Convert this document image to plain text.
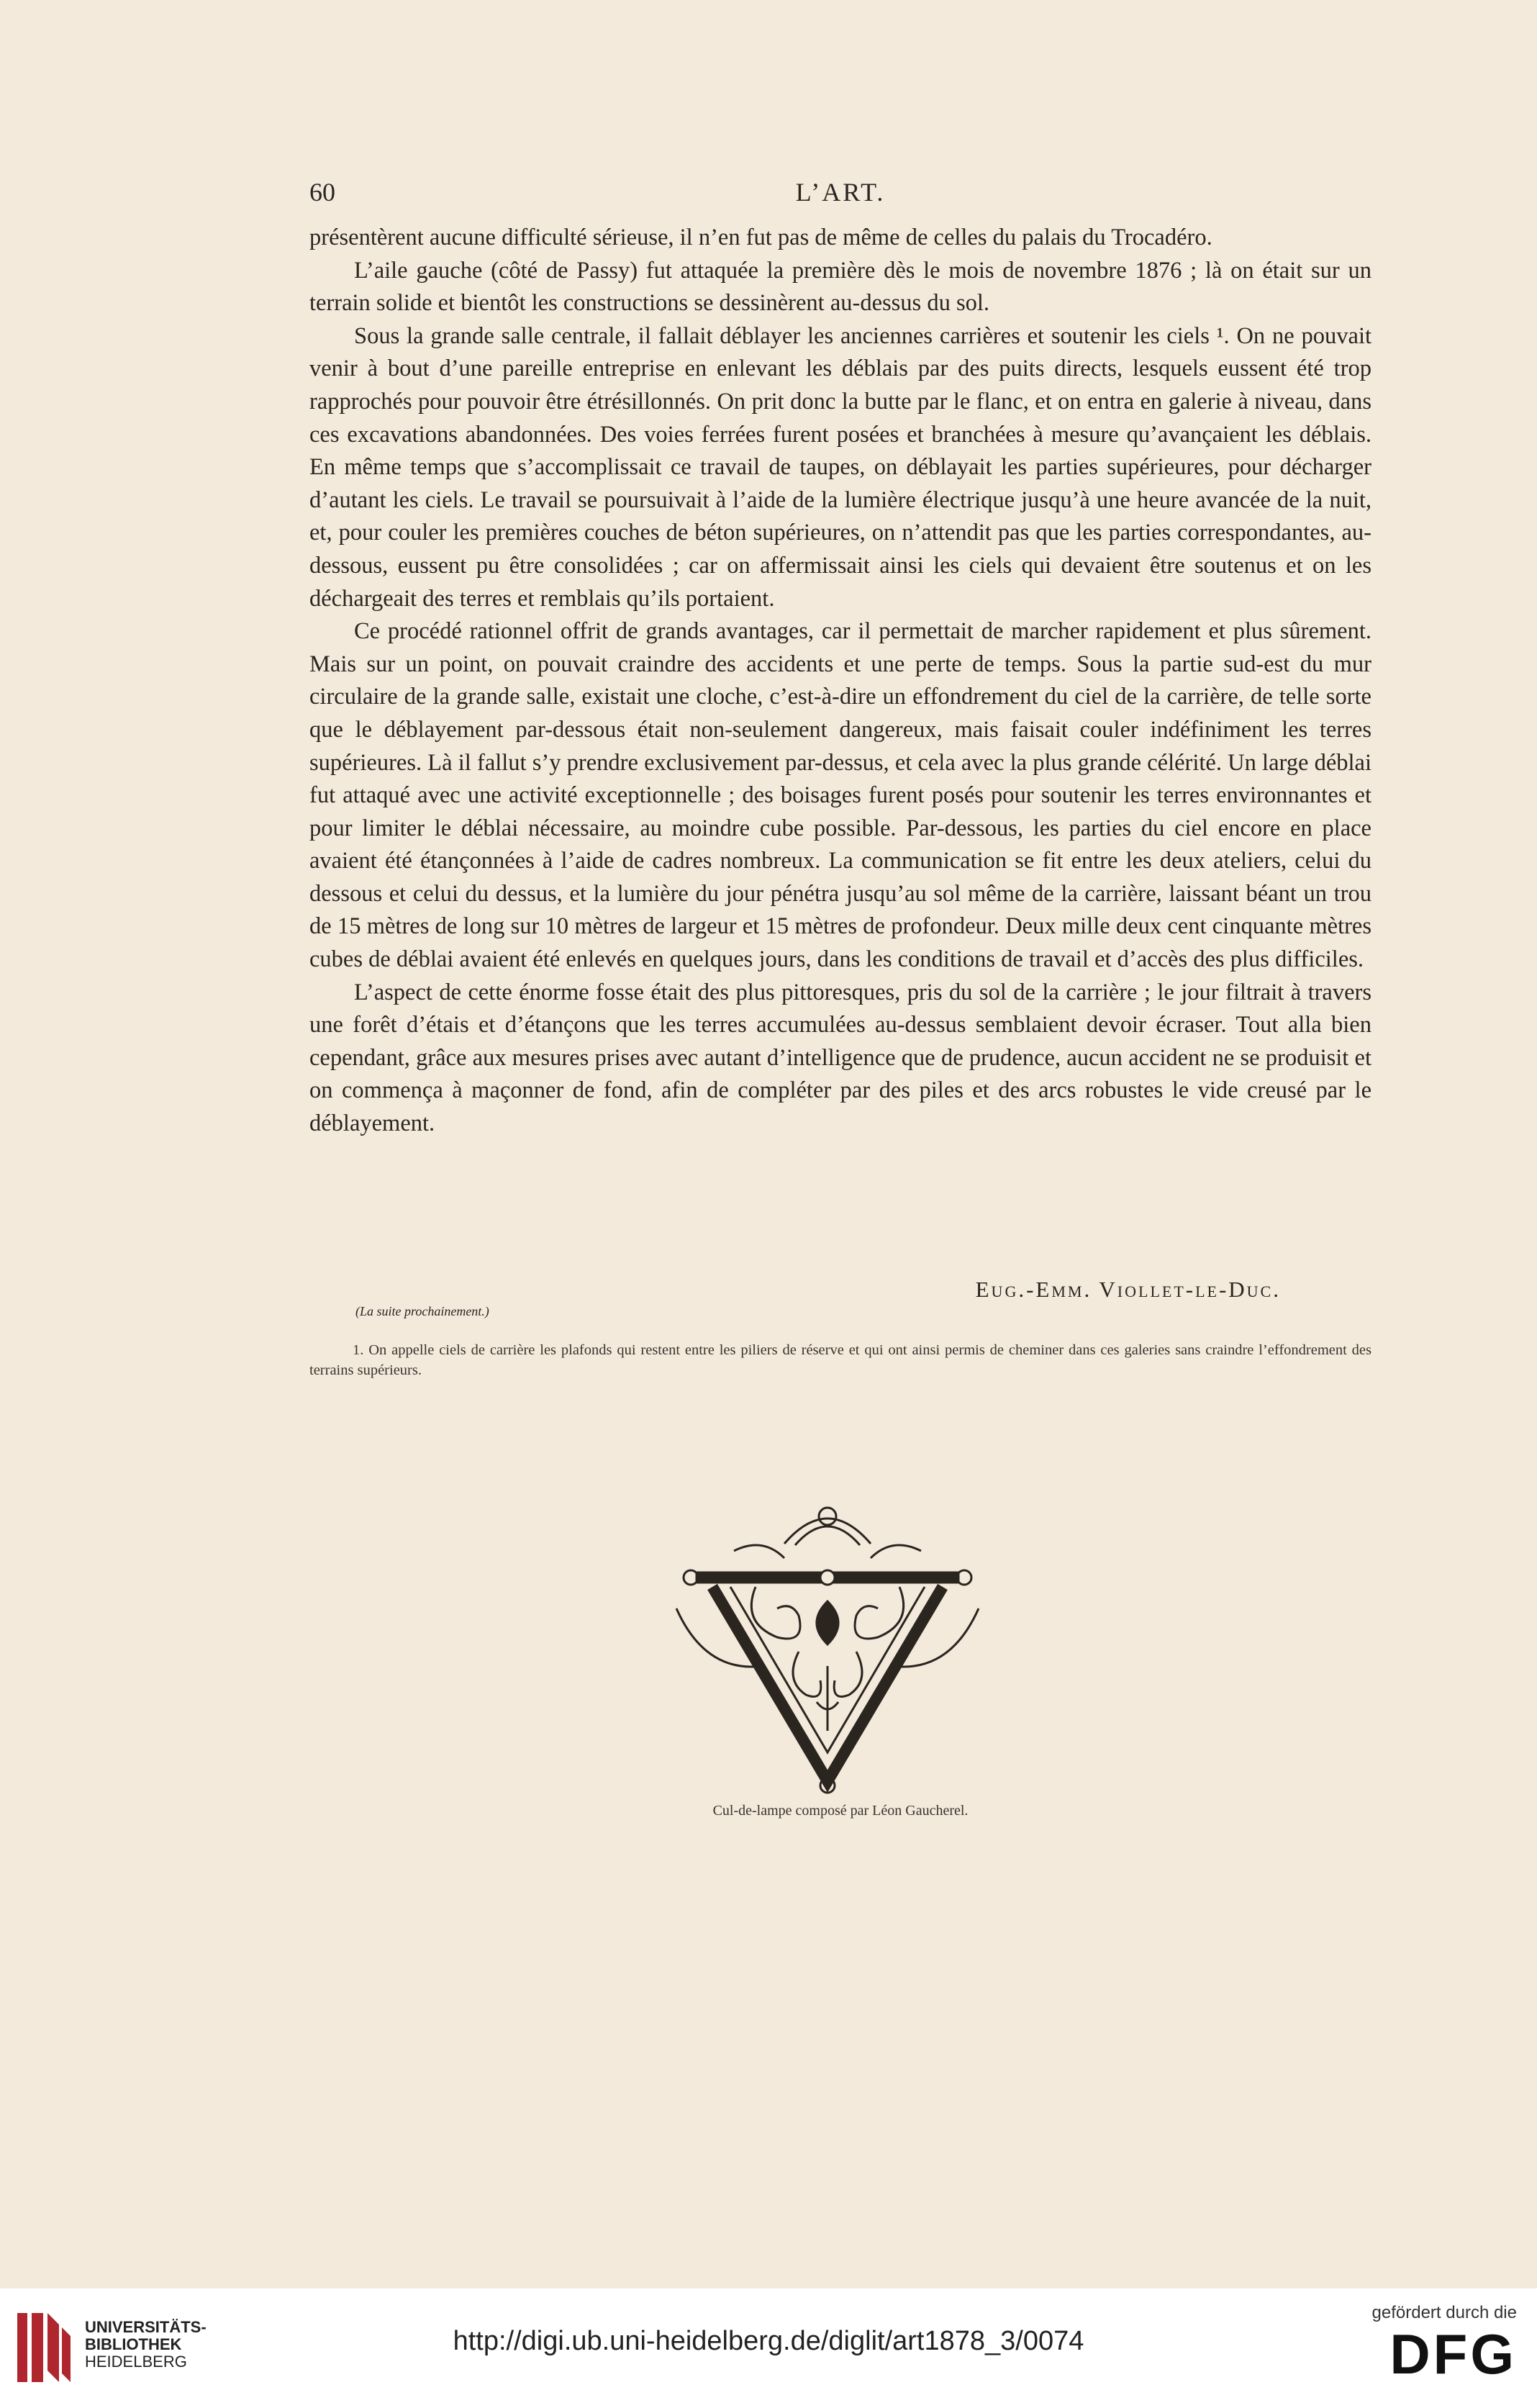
60	L’ART.

présentèrent aucune difficulté sérieuse, il n’en fut pas de même de celles du palais du Trocadéro.

L’aile gauche (côté de Passy) fut attaquée la première dès le mois de novembre 1876 ; là on était sur un terrain solide et bientôt les constructions se dessinèrent au-dessus du sol.

Sous la grande salle centrale, il fallait déblayer les anciennes carrières et soutenir les ciels ¹. On ne pouvait venir à bout d’une pareille entreprise en enlevant les déblais par des puits directs, lesquels eussent été trop rapprochés pour pouvoir être étrésillonnés. On prit donc la butte par le flanc, et on entra en galerie à niveau, dans ces excavations abandonnées. Des voies ferrées furent posées et branchées à mesure qu’avançaient les déblais. En même temps que s’accomplissait ce travail de taupes, on déblayait les parties supérieures, pour décharger d’autant les ciels. Le travail se poursuivait à l’aide de la lumière électrique jusqu’à une heure avancée de la nuit, et, pour couler les premières couches de béton supérieures, on n’attendit pas que les parties correspondantes, au-dessous, eussent pu être consolidées ; car on affermissait ainsi les ciels qui devaient être soutenus et on les déchargeait des terres et remblais qu’ils portaient.

Ce procédé rationnel offrit de grands avantages, car il permettait de marcher rapidement et plus sûrement. Mais sur un point, on pouvait craindre des accidents et une perte de temps. Sous la partie sud-est du mur circulaire de la grande salle, existait une cloche, c’est-à-dire un effondrement du ciel de la carrière, de telle sorte que le déblayement par-dessous était non-seulement dangereux, mais faisait couler indéfiniment les terres supérieures. Là il fallut s’y prendre exclusivement par-dessus, et cela avec la plus grande célérité. Un large déblai fut attaqué avec une activité exceptionnelle ; des boisages furent posés pour soutenir les terres environnantes et pour limiter le déblai nécessaire, au moindre cube possible. Par-dessous, les parties du ciel encore en place avaient été étançonnées à l’aide de cadres nombreux. La communication se fit entre les deux ateliers, celui du dessous et celui du dessus, et la lumière du jour pénétra jusqu’au sol même de la carrière, laissant béant un trou de 15 mètres de long sur 10 mètres de largeur et 15 mètres de profondeur. Deux mille deux cent cinquante mètres cubes de déblai avaient été enlevés en quelques jours, dans les conditions de travail et d’accès des plus difficiles.

L’aspect de cette énorme fosse était des plus pittoresques, pris du sol de la carrière ; le jour filtrait à travers une forêt d’étais et d’étançons que les terres accumulées au-dessus semblaient devoir écraser. Tout alla bien cependant, grâce aux mesures prises avec autant d’intelligence que de prudence, aucun accident ne se produisit et on commença à maçonner de fond, afin de compléter par des piles et des arcs robustes le vide creusé par le déblayement.

Eug.-Emm. Viollet-le-Duc.
(La suite prochainement.)
1. On appelle ciels de carrière les plafonds qui restent entre les piliers de réserve et qui ont ainsi permis de cheminer dans ces galeries sans craindre l’effondrement des terrains supérieurs.
Cul-de-lampe composé par Léon Gaucherel.
UNIVERSITÄTS-
BIBLIOTHEK
HEIDELBERG
http://digi.ub.uni-heidelberg.de/diglit/art1878_3/0074
gefördert durch die
DFG
